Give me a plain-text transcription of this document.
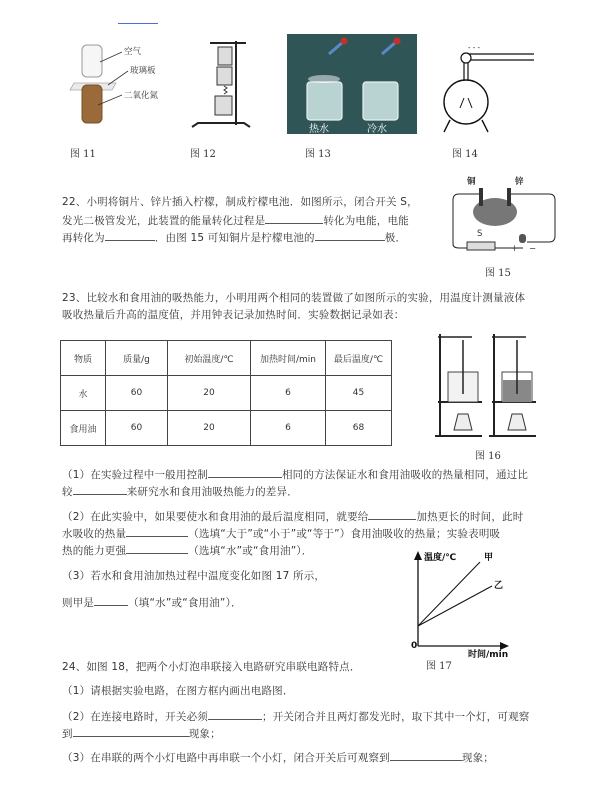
空气
玻璃板
二氧化氮
图 11	图 12
热水	冷水
图 13
- - -
图 14
22、小明将铜片、锌片插入柠檬，制成柠檬电池．如图所示，闭合开关 S，
发光二极管发光，此装置的能量转化过程是	转化为电能，电能
再转化为	．由图 15 可知铜片是柠檬电池的	极．
铜	锌
S
+ −
图 15
23、比较水和食用油的吸热能力，小明用两个相同的装置做了如图所示的实验，用温度计测量液体
吸收热量后升高的温度值，并用钟表记录加热时间．实验数据记录如表：
物质	质量/g	初始温度/℃	加热时间/min	最后温度/℃
水	60	20	6	45
食用油	60	20	6	68
图 16
（1）在实验过程中一般用控制	相同的方法保证水和食用油吸收的热量相同，通过比
较	来研究水和食用油吸热能力的差异．
（2）在此实验中，如果要使水和食用油的最后温度相同，就要给	加热更长的时间，此时
水吸收的热量	（选填“大于”或“小于”或“等于”）食用油吸收的热量；实验表明吸
热的能力更强	（选填“水”或“食用油”）．
（3）若水和食用油加热过程中温度变化如图 17 所示，
则甲是	（填“水”或“食用油”）．
温度/℃	甲
乙
0
时间/min
图 17
24、如图 18，把两个小灯泡串联接入电路研究串联电路特点．
（1）请根据实验电路，在图方框内画出电路图．
（2）在连接电路时，开关必须	；开关闭合并且两灯都发光时，取下其中一个灯，可观察
到	现象；
（3）在串联的两个小灯电路中再串联一个小灯，闭合开关后可观察到	现象；
